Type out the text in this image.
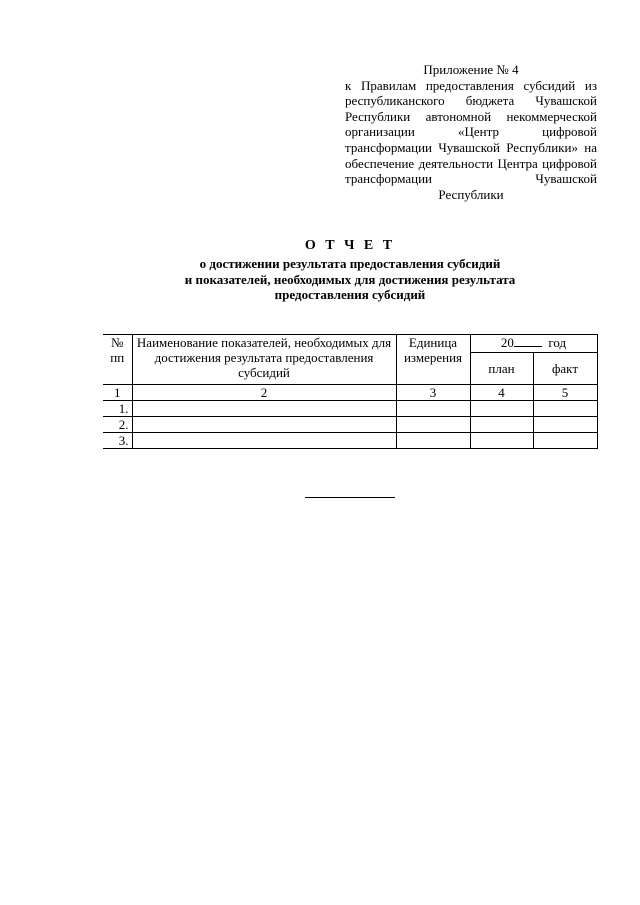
Приложение № 4
к Правилам предоставления субсидий из республиканского бюджета Чувашской Республики автономной некоммерческой организации «Центр цифровой трансформации Чувашской Республики» на обеспечение деятельности Центра цифровой трансформации Чувашской
Республики
О Т Ч Е Т
о достижении результата предоставления субсидий
и показателей, необходимых для достижения результата
предоставления субсидий
№ пп	Наименование показателей, необходимых для достижения результата предоставления субсидий	Единица измерения	20 год	
			план	факт
1	2	3	4	5
1.				
2.				
3.				
